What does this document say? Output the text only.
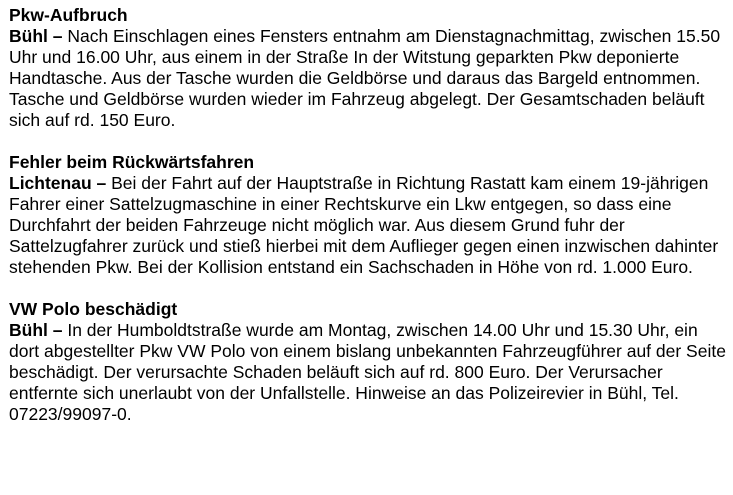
Pkw-Aufbruch

Bühl – Nach Einschlagen eines Fensters entnahm am Dienstagnachmittag, zwischen 15.50 Uhr und 16.00 Uhr, aus einem in der Straße In der Witstung geparkten Pkw deponierte Handtasche. Aus der Tasche wurden die Geldbörse und daraus das Bargeld entnommen. Tasche und Geldbörse wurden wieder im Fahrzeug abgelegt. Der Gesamtschaden beläuft sich auf rd. 150 Euro.

Fehler beim Rückwärtsfahren

Lichtenau – Bei der Fahrt auf der Hauptstraße in Richtung Rastatt kam einem 19-jährigen Fahrer einer Sattelzugmaschine in einer Rechtskurve ein Lkw entgegen, so dass eine Durchfahrt der beiden Fahrzeuge nicht möglich war. Aus diesem Grund fuhr der Sattelzugfahrer zurück und stieß hierbei mit dem Auflieger gegen einen inzwischen dahinter stehenden Pkw. Bei der Kollision entstand ein Sachschaden in Höhe von rd. 1.000 Euro.

VW Polo beschädigt

Bühl – In der Humboldtstraße wurde am Montag, zwischen 14.00 Uhr und 15.30 Uhr, ein dort abgestellter Pkw VW Polo von einem bislang unbekannten Fahrzeugführer auf der Seite beschädigt. Der verursachte Schaden beläuft sich auf rd. 800 Euro. Der Verursacher entfernte sich unerlaubt von der Unfallstelle. Hinweise an das Polizeirevier in Bühl, Tel. 07223/99097-0.
